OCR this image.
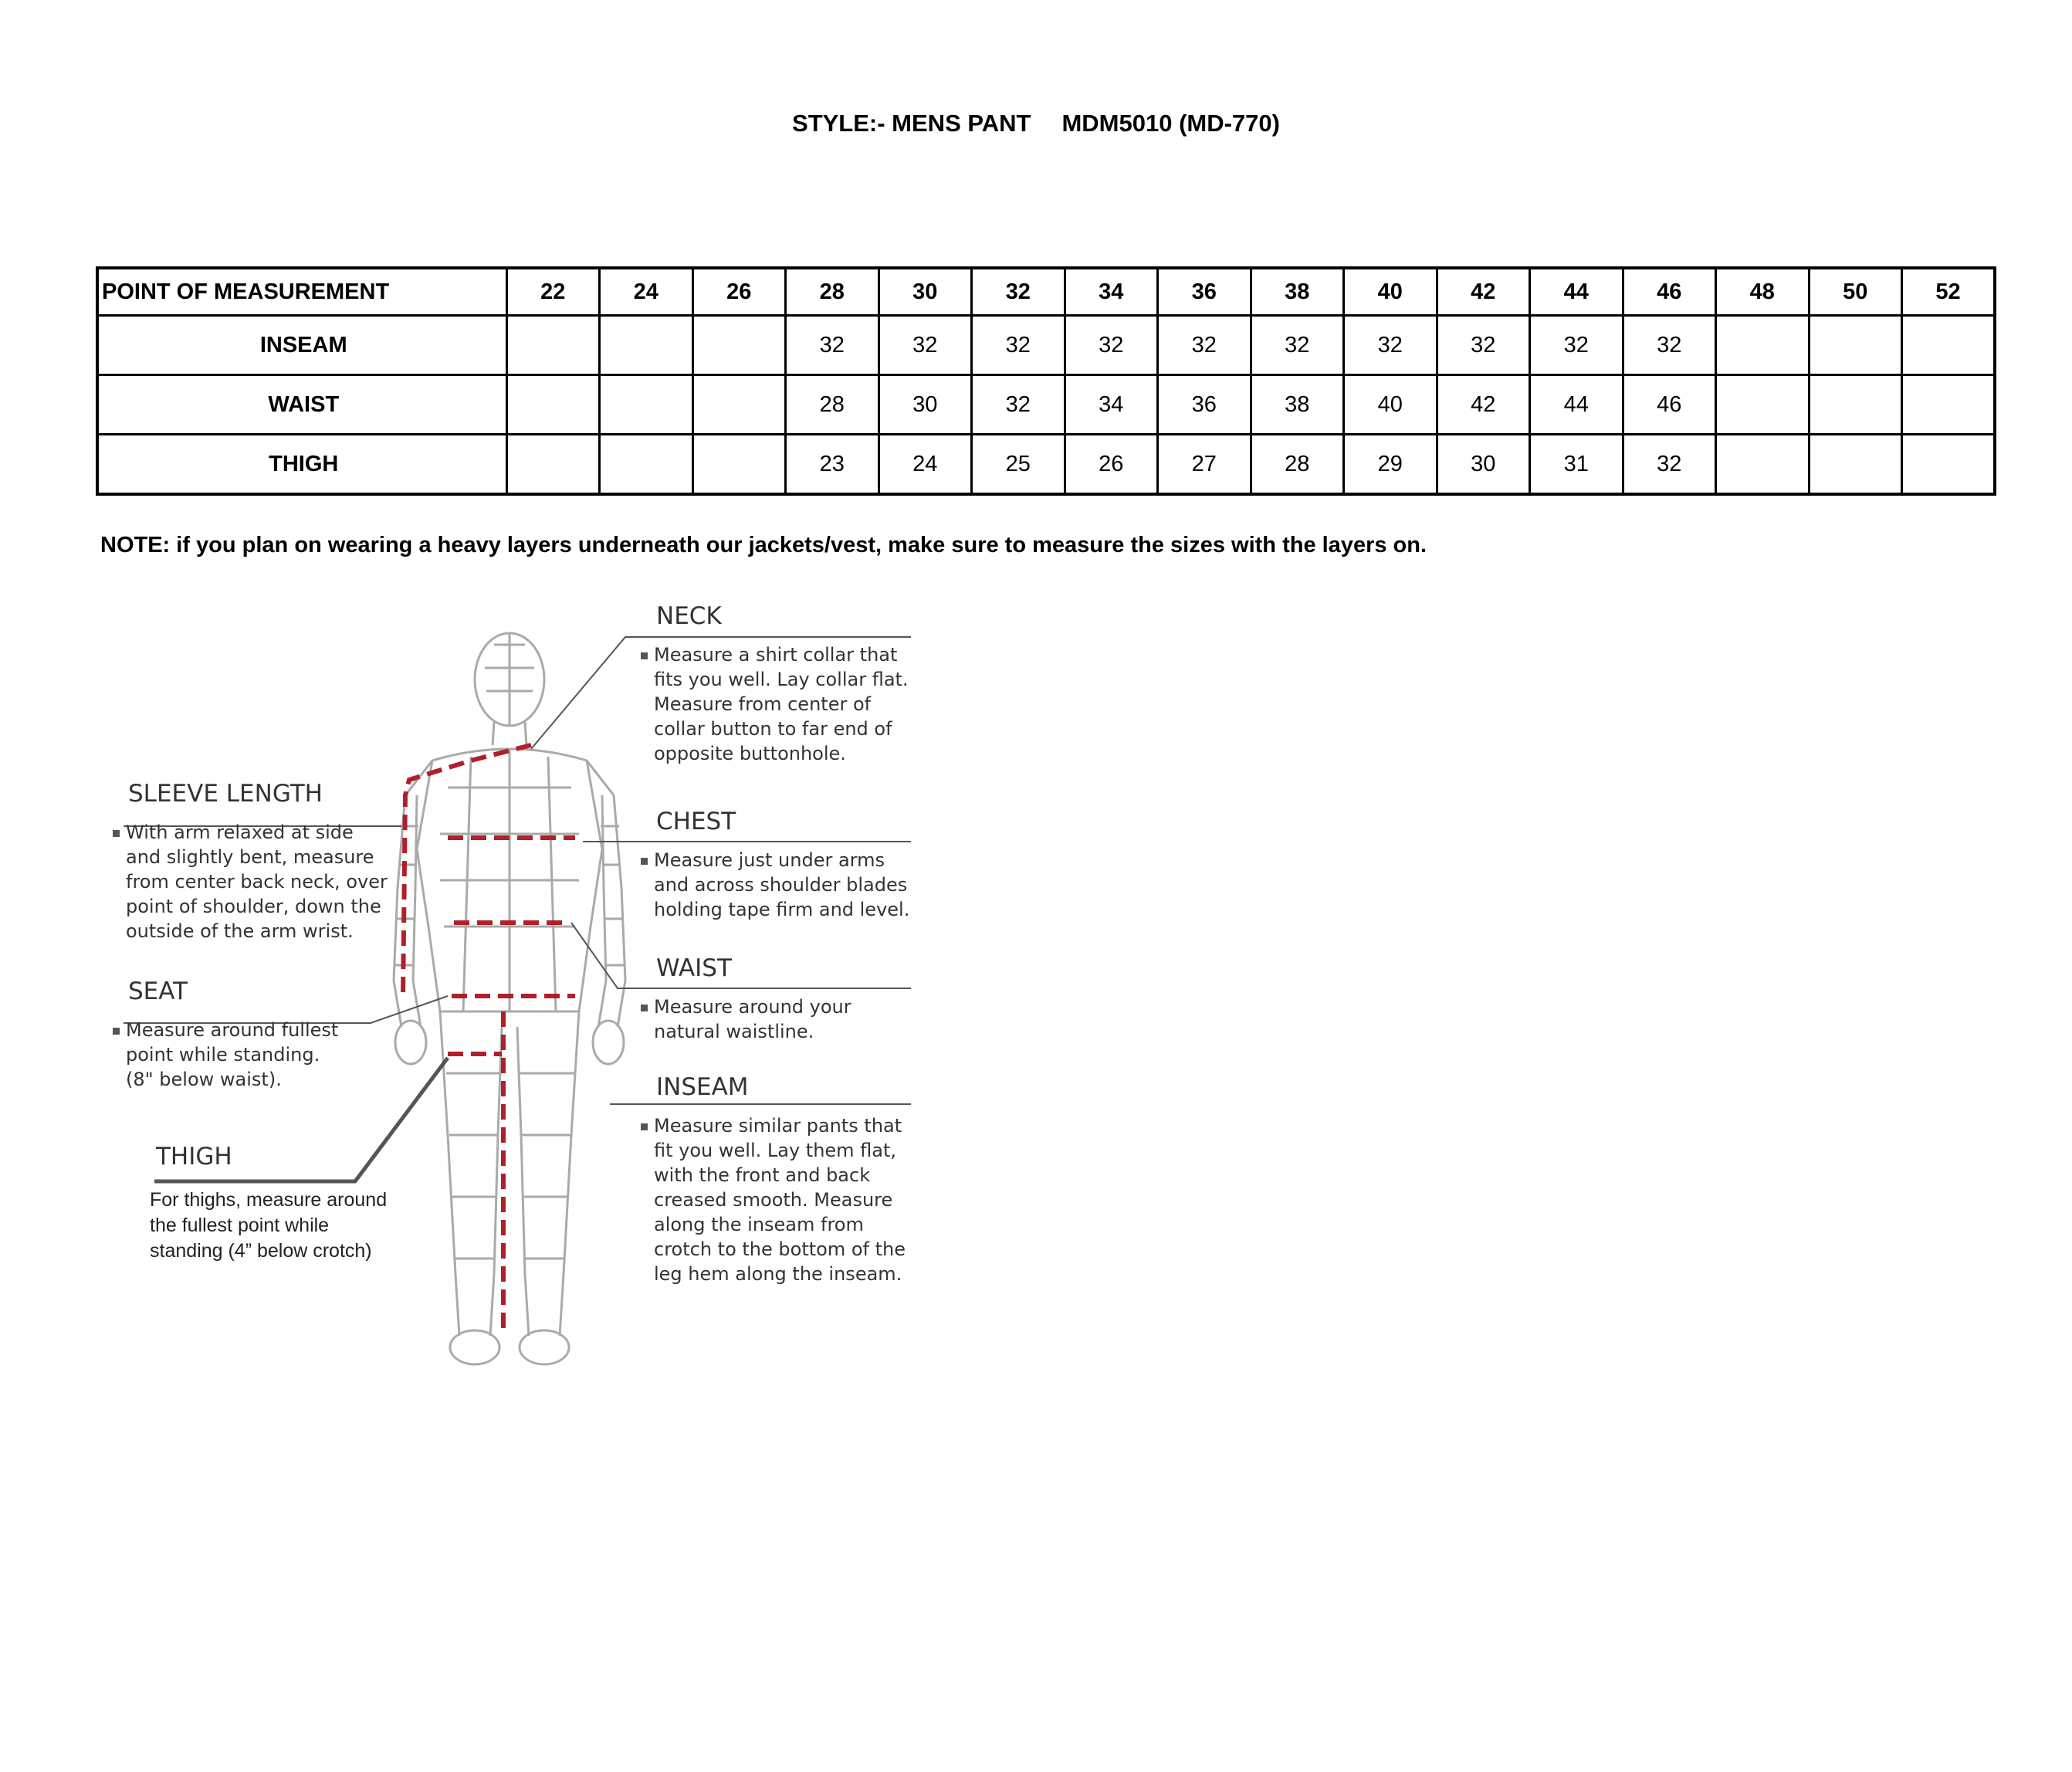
STYLE:- MENS PANT MDM5010 (MD-770)
POINT OF MEASUREMENT	22	24	26	28	30	32	34	36	38	40	42	44	46	48	50	52
INSEAM				32	32	32	32	32	32	32	32	32	32			
WAIST				28	30	32	34	36	38	40	42	44	46			
THIGH				23	24	25	26	27	28	29	30	31	32			
NOTE: if you plan on wearing a heavy layers underneath our jackets/vest, make sure to measure the sizes with the layers on.
NECK
Measure a shirt collar that
fits you well. Lay collar flat.
Measure from center of
collar button to far end of
opposite buttonhole.
CHEST
Measure just under arms
and across shoulder blades
holding tape firm and level.
WAIST
Measure around your
natural waistline.
INSEAM
Measure similar pants that
fit you well. Lay them flat,
with the front and back
creased smooth. Measure
along the inseam from
crotch to the bottom of the
leg hem along the inseam.
SLEEVE LENGTH
With arm relaxed at side
and slightly bent, measure
from center back neck, over
point of shoulder, down the
outside of the arm wrist.
SEAT
Measure around fullest
point while standing.
(8" below waist).
THIGH
For thighs, measure around
the fullest point while
standing (4” below crotch)
